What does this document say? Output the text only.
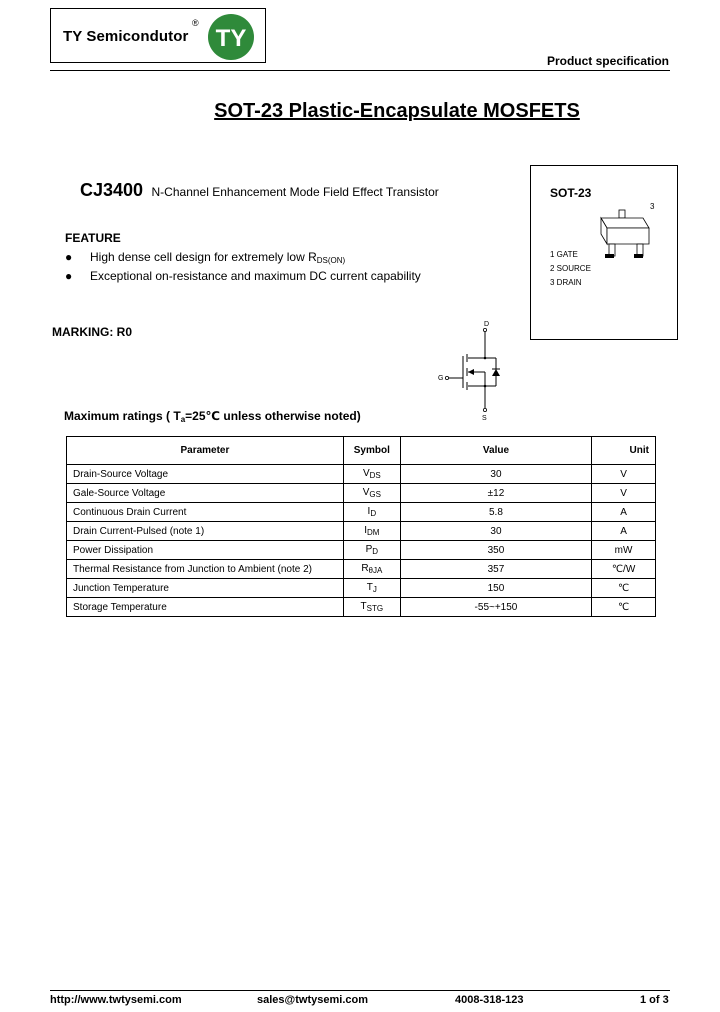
TY Semicondutor
®
TY
Product specification
SOT-23 Plastic-Encapsulate MOSFETS
CJ3400 N-Channel Enhancement Mode Field Effect Transistor	SOT-23
3
1 GATE
2 SOURCE
3 DRAIN
FEATURE
● High dense cell design for extremely low $R_{DS(ON)}$
● Exceptional on-resistance and maximum DC current capability
MARKING: R0
D
G
S
Maximum ratings ( $T_a=25℃$ unless otherwise noted)
Parameter	Symbol	Value	Unit
Drain-Source Voltage	$V_{DS}$	30	V
Gale-Source Voltage	$V_{GS}$	±12	V
Continuous Drain Current	$I_D$	5.8	A
Drain Current-Pulsed (note 1)	$I_{DM}$	30	A
Power Dissipation	$P_D$	350	mW
Thermal Resistance from Junction to Ambient (note 2)	$R_{\theta JA}$	357	℃/W
Junction Temperature	$T_J$	150	℃
Storage Temperature	$T_{STG}$	-55~+150	℃
http://www.twtysemi.com	sales@twtysemi.com	4008-318-123	1 of 3
